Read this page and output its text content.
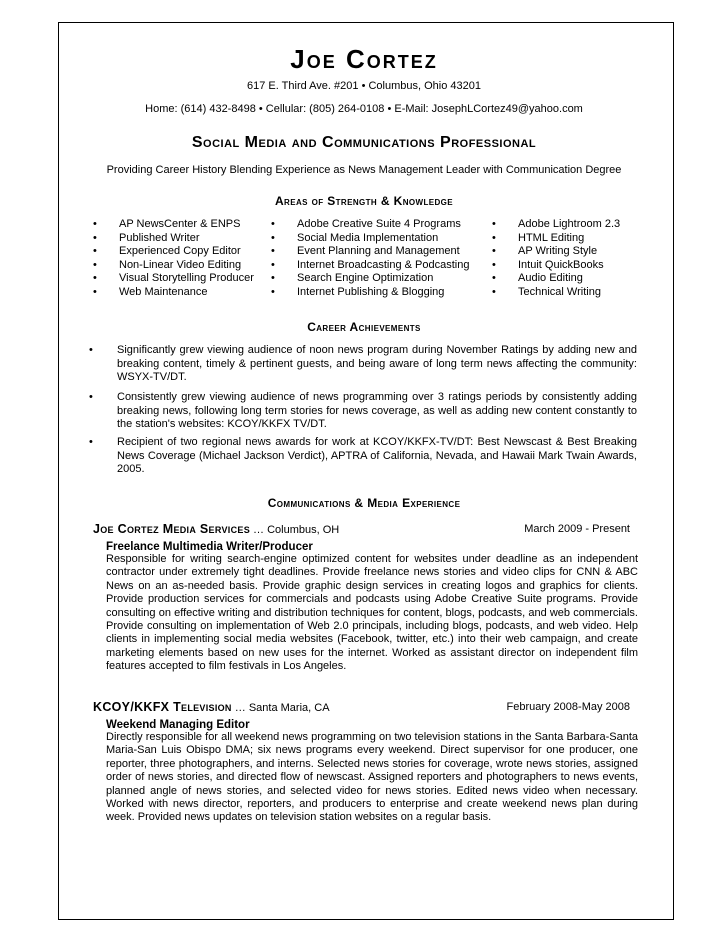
Joe Cortez
617 E. Third Ave. #201 • Columbus, Ohio 43201
Home: (614) 432-8498 • Cellular: (805) 264-0108 • E-Mail: JosephLCortez49@yahoo.com
Social Media and Communications Professional
Providing Career History Blending Experience as News Management Leader with Communication Degree
Areas of Strength & Knowledge
• AP NewsCenter & ENPS
• Published Writer
• Experienced Copy Editor
• Non-Linear Video Editing
• Visual Storytelling Producer
• Web Maintenance
• Adobe Creative Suite 4 Programs
• Social Media Implementation
• Event Planning and Management
• Internet Broadcasting & Podcasting
• Search Engine Optimization
• Internet Publishing & Blogging
• Adobe Lightroom 2.3
• HTML Editing
• AP Writing Style
• Intuit QuickBooks
• Audio Editing
• Technical Writing
Career Achievements
• Significantly grew viewing audience of noon news program during November Ratings by adding new and breaking content, timely & pertinent guests, and being aware of long term news affecting the community: WSYX-TV/DT.
• Consistently grew viewing audience of news programming over 3 ratings periods by consistently adding breaking news, following long term stories for news coverage, as well as adding new content constantly to the station's websites: KCOY/KKFX TV/DT.
• Recipient of two regional news awards for work at KCOY/KKFX-TV/DT: Best Newscast & Best Breaking News Coverage (Michael Jackson Verdict), APTRA of California, Nevada, and Hawaii Mark Twain Awards, 2005.
Communications & Media Experience
Joe Cortez Media Services … Columbus, OH	March 2009 - Present
Freelance Multimedia Writer/Producer
Responsible for writing search-engine optimized content for websites under deadline as an independent contractor under extremely tight deadlines. Provide freelance news stories and video clips for CNN & ABC News on an as-needed basis. Provide graphic design services in creating logos and graphics for clients. Provide production services for commercials and podcasts using Adobe Creative Suite programs. Provide consulting on effective writing and distribution techniques for content, blogs, podcasts, and web commercials. Provide consulting on implementation of Web 2.0 principals, including blogs, podcasts, and web video. Help clients in implementing social media websites (Facebook, twitter, etc.) into their web campaign, and create marketing elements based on new uses for the internet. Worked as assistant director on independent film features accepted to film festivals in Los Angeles.
KCOY/KKFX Television … Santa Maria, CA	February 2008-May 2008
Weekend Managing Editor
Directly responsible for all weekend news programming on two television stations in the Santa Barbara-Santa Maria-San Luis Obispo DMA; six news programs every weekend. Direct supervisor for one producer, one reporter, three photographers, and interns. Selected news stories for coverage, wrote news stories, assigned order of news stories, and directed flow of newscast. Assigned reporters and photographers to news events, planned angle of news stories, and selected video for news stories. Edited news video when necessary. Worked with news director, reporters, and producers to enterprise and create weekend news plan during week. Provided news updates on television station websites on a regular basis.
